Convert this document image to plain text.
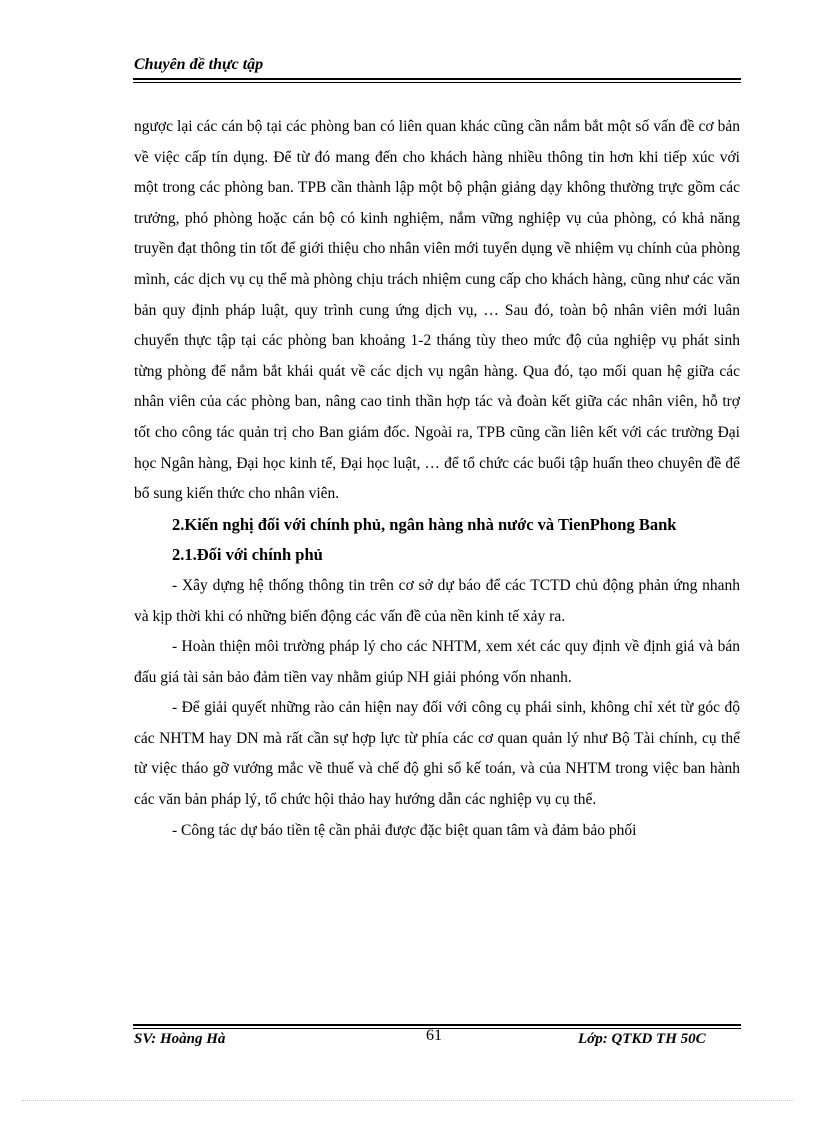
Chuyên đề thực tập

ngược lại các cán bộ tại các phòng ban có liên quan khác cũng cần nắm bắt một số vấn đề cơ bản về việc cấp tín dụng. Để từ đó mang đến cho khách hàng nhiều thông tin hơn khi tiếp xúc với một trong các phòng ban. TPB cần thành lập một bộ phận giảng dạy không thường trực gồm các trưởng, phó phòng hoặc cán bộ có kinh nghiệm, nắm vững nghiệp vụ của phòng, có khả năng truyền đạt thông tin tốt để giới thiệu cho nhân viên mới tuyển dụng về nhiệm vụ chính của phòng mình, các dịch vụ cụ thể mà phòng chịu trách nhiệm cung cấp cho khách hàng, cũng như các văn bản quy định pháp luật, quy trình cung ứng dịch vụ, … Sau đó, toàn bộ nhân viên mới luân chuyển thực tập tại các phòng ban khoảng 1-2 tháng tùy theo mức độ của nghiệp vụ phát sinh từng phòng để nắm bắt khái quát về các dịch vụ ngân hàng. Qua đó, tạo mối quan hệ giữa các nhân viên của các phòng ban, nâng cao tinh thần hợp tác và đoàn kết giữa các nhân viên, hỗ trợ tốt cho công tác quản trị cho Ban giám đốc. Ngoài ra, TPB cũng cần liên kết với các trường Đại học Ngân hàng, Đại học kinh tế, Đại học luật, … để tổ chức các buổi tập huấn theo chuyên đề để bổ sung kiến thức cho nhân viên.

2.Kiến nghị đối với chính phủ, ngân hàng nhà nước và TienPhong Bank

2.1.Đối với chính phủ

- Xây dựng hệ thống thông tin trên cơ sở dự báo để các TCTD chủ động phản ứng nhanh và kịp thời khi có những biến động các vấn đề của nền kinh tế xảy ra.

- Hoàn thiện môi trường pháp lý cho các NHTM, xem xét các quy định về định giá và bán đấu giá tài sản bảo đảm tiền vay nhằm giúp NH giải phóng vốn nhanh.

- Để giải quyết những rào cản hiện nay đối với công cụ phái sinh, không chỉ xét từ góc độ các NHTM hay DN mà rất cần sự hợp lực từ phía các cơ quan quản lý như Bộ Tài chính, cụ thể từ việc tháo gỡ vướng mắc về thuế và chế độ ghi sổ kế toán, và của NHTM trong việc ban hành các văn bản pháp lý, tổ chức hội thảo hay hướng dẫn các nghiệp vụ cụ thể.

- Công tác dự báo tiền tệ cần phải được đặc biệt quan tâm và đảm bảo phối

SV: Hoàng Hà	61	Lớp: QTKD TH 50C
